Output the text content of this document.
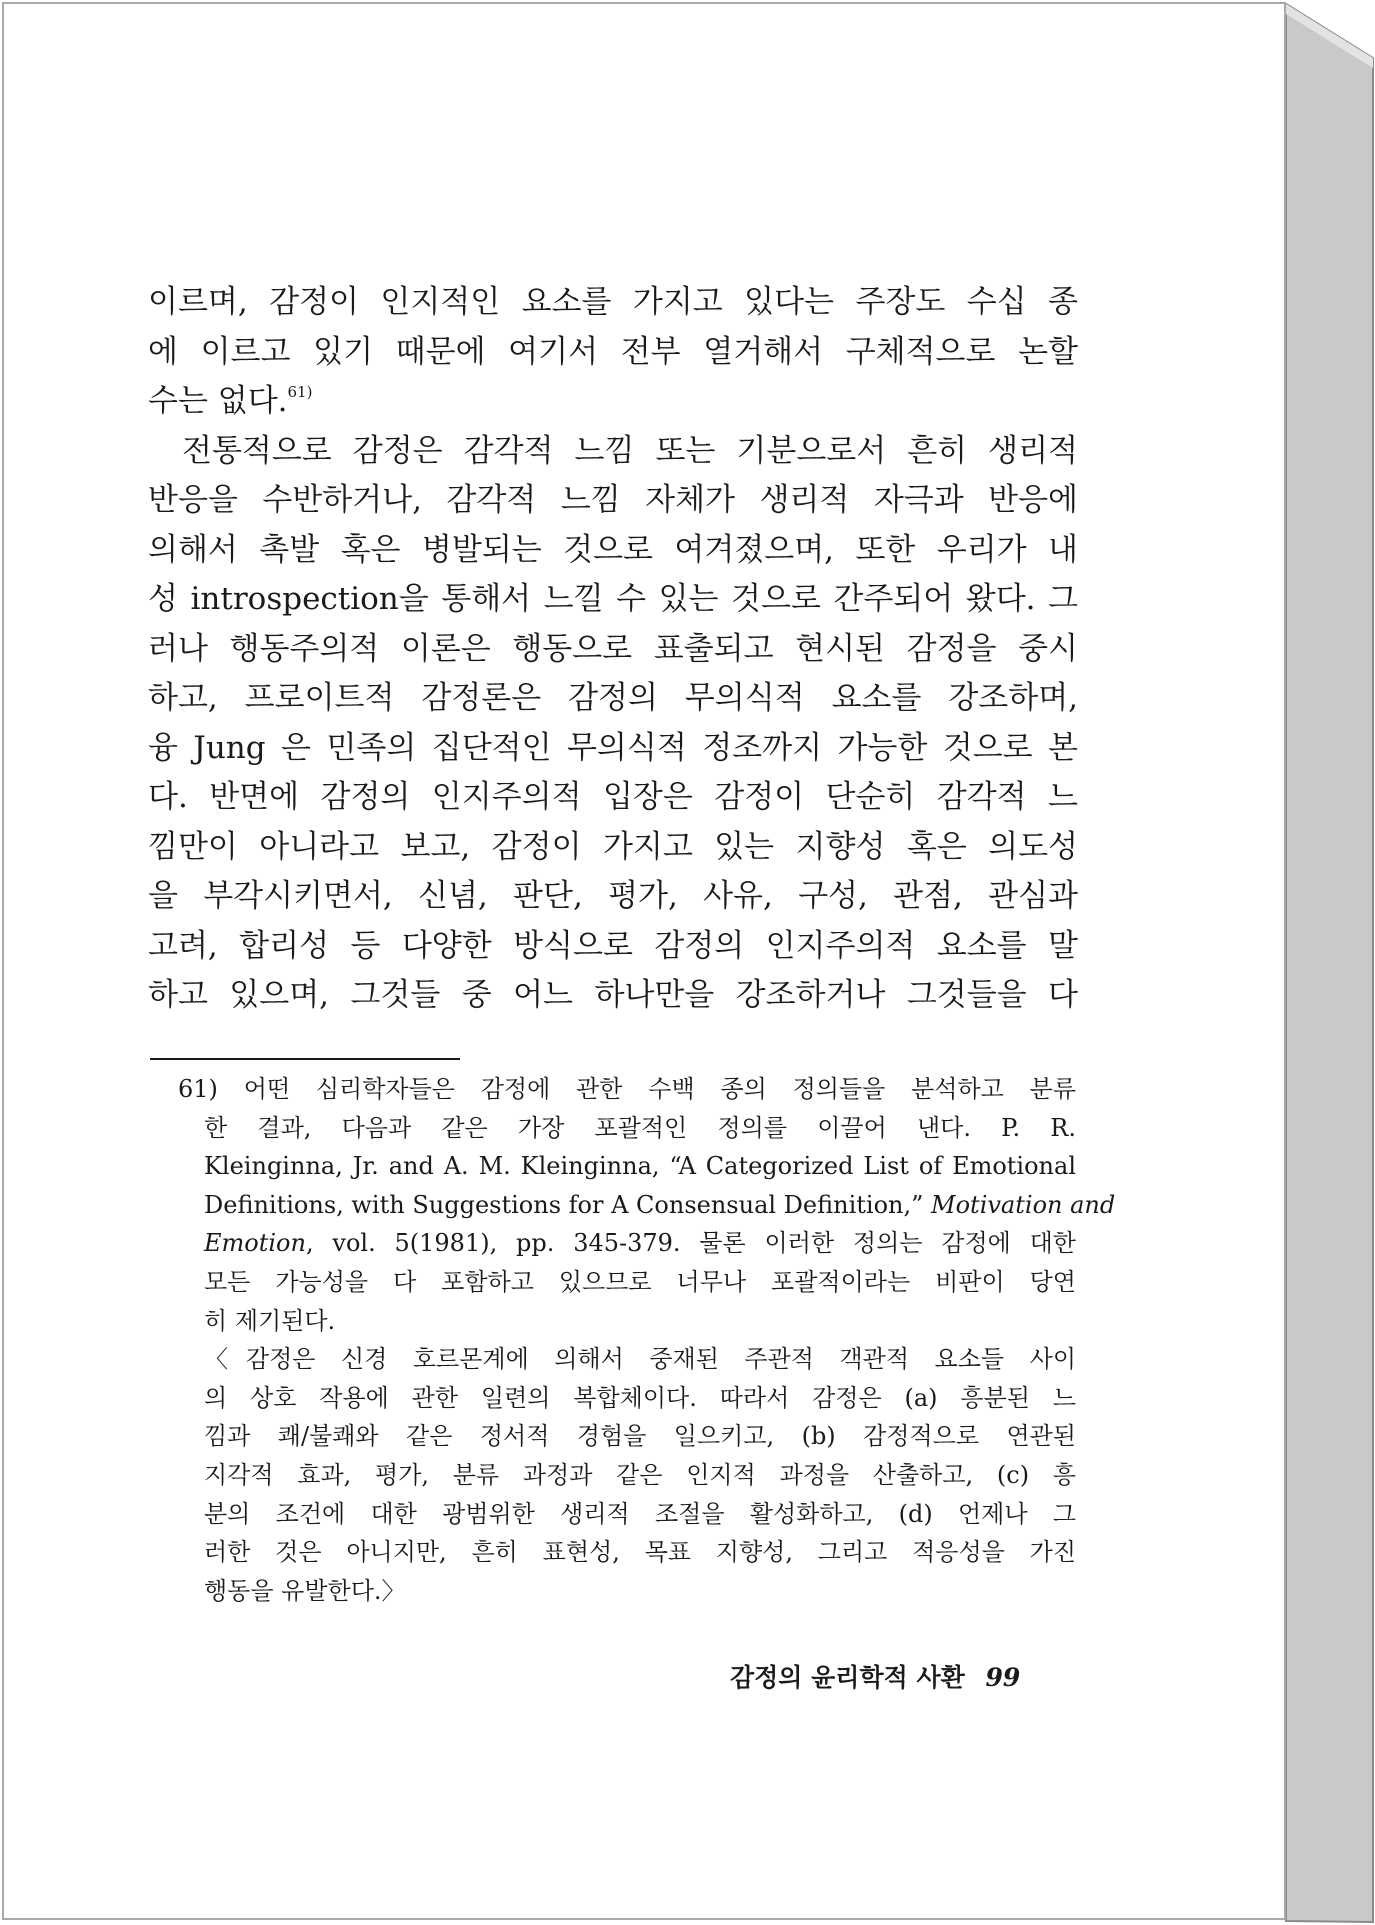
이르며, 감정이 인지적인 요소를 가지고 있다는 주장도 수십 종
에 이르고 있기 때문에 여기서 전부 열거해서 구체적으로 논할
수는 없다.$^{61)}$
전통적으로 감정은 감각적 느낌 또는 기분으로서 흔히 생리적
반응을 수반하거나, 감각적 느낌 자체가 생리적 자극과 반응에
의해서 촉발 혹은 병발되는 것으로 여겨졌으며, 또한 우리가 내
성 introspection을 통해서 느낄 수 있는 것으로 간주되어 왔다. 그
러나 행동주의적 이론은 행동으로 표출되고 현시된 감정을 중시
하고, 프로이트적 감정론은 감정의 무의식적 요소를 강조하며,
융 Jung 은 민족의 집단적인 무의식적 정조까지 가능한 것으로 본
다. 반면에 감정의 인지주의적 입장은 감정이 단순히 감각적 느
낌만이 아니라고 보고, 감정이 가지고 있는 지향성 혹은 의도성
을 부각시키면서, 신념, 판단, 평가, 사유, 구성, 관점, 관심과
고려, 합리성 등 다양한 방식으로 감정의 인지주의적 요소를 말
하고 있으며, 그것들 중 어느 하나만을 강조하거나 그것들을 다
61) 어떤 심리학자들은 감정에 관한 수백 종의 정의들을 분석하고 분류
한 결과, 다음과 같은 가장 포괄적인 정의를 이끌어 낸다. P. R.
Kleinginna, Jr. and A. M. Kleinginna, “A Categorized List of Emotional
Definitions, with Suggestions for A Consensual Definition,” Motivation and
Emotion, vol. 5(1981), pp. 345-379. 물론 이러한 정의는 감정에 대한
모든 가능성을 다 포함하고 있으므로 너무나 포괄적이라는 비판이 당연
히 제기된다.
〈감정은 신경 호르몬계에 의해서 중재된 주관적 객관적 요소들 사이
의 상호 작용에 관한 일련의 복합체이다. 따라서 감정은 (a) 흥분된 느
낌과 쾌/불쾌와 같은 정서적 경험을 일으키고, (b) 감정적으로 연관된
지각적 효과, 평가, 분류 과정과 같은 인지적 과정을 산출하고, (c) 흥
분의 조건에 대한 광범위한 생리적 조절을 활성화하고, (d) 언제나 그
러한 것은 아니지만, 흔히 표현성, 목표 지향성, 그리고 적응성을 가진
행동을 유발한다.〉
감정의 윤리학적 사환 99
